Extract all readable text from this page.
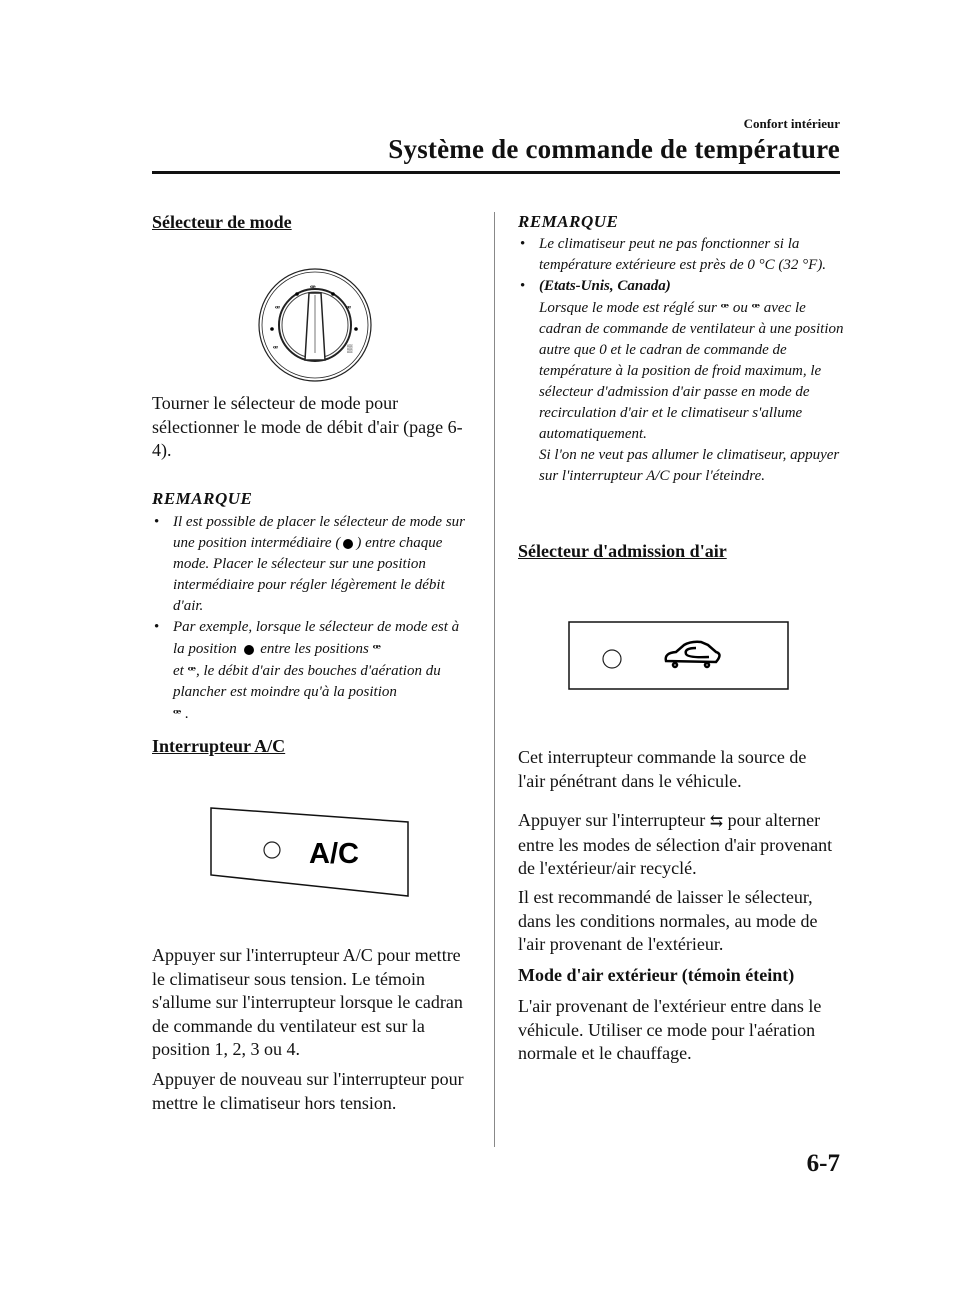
Confort intérieur
Système de commande de température
Sélecteur de mode
ꟹ
ꟹ	ꟹ
ꟹ	▒

Tourner le sélecteur de mode pour sélectionner le mode de débit d'air (page 6-4).

REMARQUE
• Il est possible de placer le sélecteur de mode sur une position intermédiaire ( ) entre chaque mode. Placer le sélecteur sur une position intermédiaire pour régler légèrement le débit d'air.
• Par exemple, lorsque le sélecteur de mode est à la position entre les positions ꟹ
et ꟹ, le débit d'air des bouches d'aération du plancher est moindre qu'à la position
ꟹ .
Interrupteur A/C
A/C

Appuyer sur l'interrupteur A/C pour mettre le climatiseur sous tension. Le témoin s'allume sur l'interrupteur lorsque le cadran de commande du ventilateur est sur la position 1, 2, 3 ou 4.

Appuyer de nouveau sur l'interrupteur pour mettre le climatiseur hors tension.

REMARQUE
• Le climatiseur peut ne pas fonctionner si la température extérieure est près de 0 °C (32 °F).
• (Etats-Unis, Canada)
Lorsque le mode est réglé sur ꟹ ou ꟹ avec le cadran de commande de ventilateur à une position autre que 0 et le cadran de commande de température à la position de froid maximum, le sélecteur d'admission d'air passe en mode de recirculation d'air et le climatiseur s'allume automatiquement.
Si l'on ne veut pas allumer le climatiseur, appuyer sur l'interrupteur A/C pour l'éteindre.
Sélecteur d'admission d'air

Cet interrupteur commande la source de l'air pénétrant dans le véhicule.

Appuyer sur l'interrupteur ⇆ pour alterner entre les modes de sélection d'air provenant de l'extérieur/air recyclé.

Il est recommandé de laisser le sélecteur, dans les conditions normales, au mode de l'air provenant de l'extérieur.

Mode d'air extérieur (témoin éteint)

L'air provenant de l'extérieur entre dans le véhicule. Utiliser ce mode pour l'aération normale et le chauffage.

6-7
